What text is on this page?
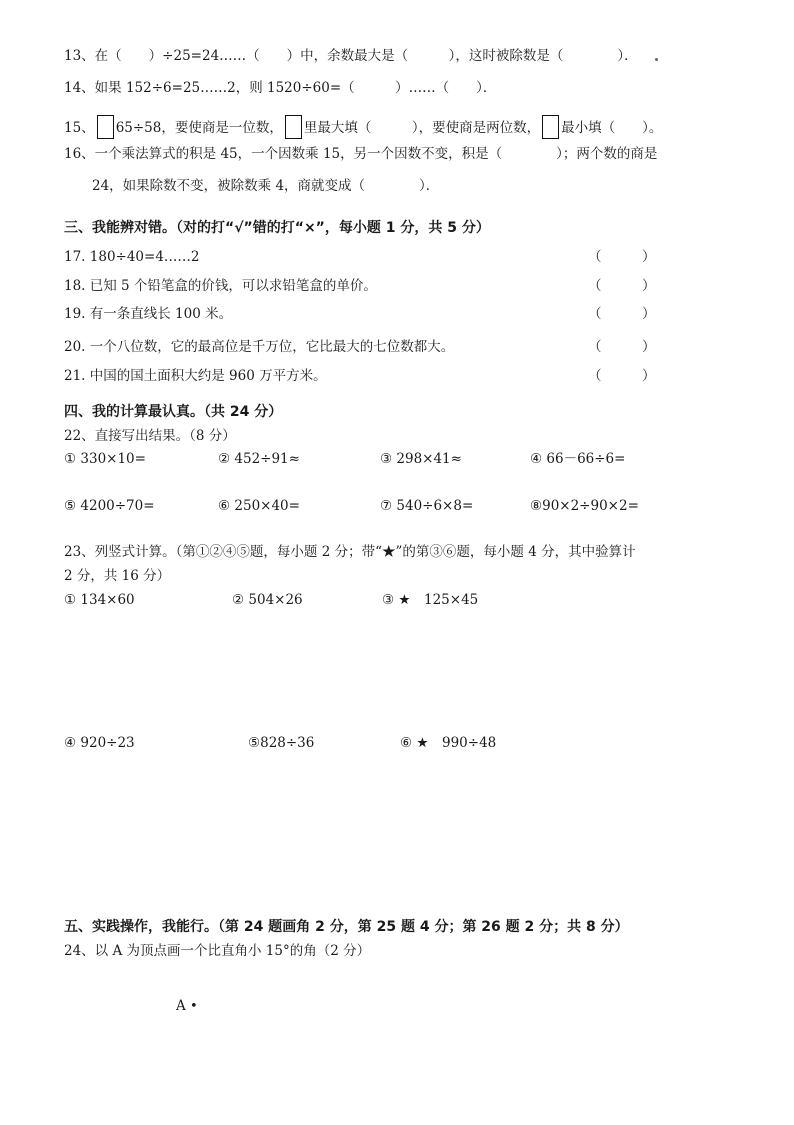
13、在（　　）÷25=24……（　　）中，余数最大是（　　　），这时被除数是（　　　　）．
14、如果 152÷6=25……2，则 1520÷60=（　　　）……（　　）．
15、 65÷58，要使商是一位数， 里最大填（　　　），要使商是两位数， 最小填（　　）。
16、一个乘法算式的积是 45，一个因数乘 15，另一个因数不变，积是（　　　　）；两个数的商是
24，如果除数不变，被除数乘 4，商就变成（　　　　）．
三、我能辨对错。（对的打“√”错的打“×”，每小题 1 分，共 5 分）
17. 180÷40=4……2	（　　　）
18. 已知 5 个铅笔盒的价钱，可以求铅笔盒的单价。	（　　　）
19. 有一条直线长 100 米。	（　　　）
20. 一个八位数，它的最高位是千万位，它比最大的七位数都大。	（　　　）
21. 中国的国土面积大约是 960 万平方米。	（　　　）
四、我的计算最认真。（共 24 分）
22、直接写出结果。（8 分）
① 330×10=	② 452÷91≈	③ 298×41≈	④ 66－66÷6=
⑤ 4200÷70=	⑥ 250×40=	⑦ 540÷6×8=	⑧90×2÷90×2=
23、列竖式计算。（第①②④⑤题，每小题 2 分；带“★”的第③⑥题，每小题 4 分，其中验算计
2 分，共 16 分）
① 134×60	② 504×26	③ ★　125×45
④ 920÷23	⑤828÷36	⑥ ★　990÷48
五、实践操作，我能行。（第 24 题画角 2 分，第 25 题 4 分；第 26 题 2 分；共 8 分）
24、以 A 为顶点画一个比直角小 15°的角（2 分）
A •
